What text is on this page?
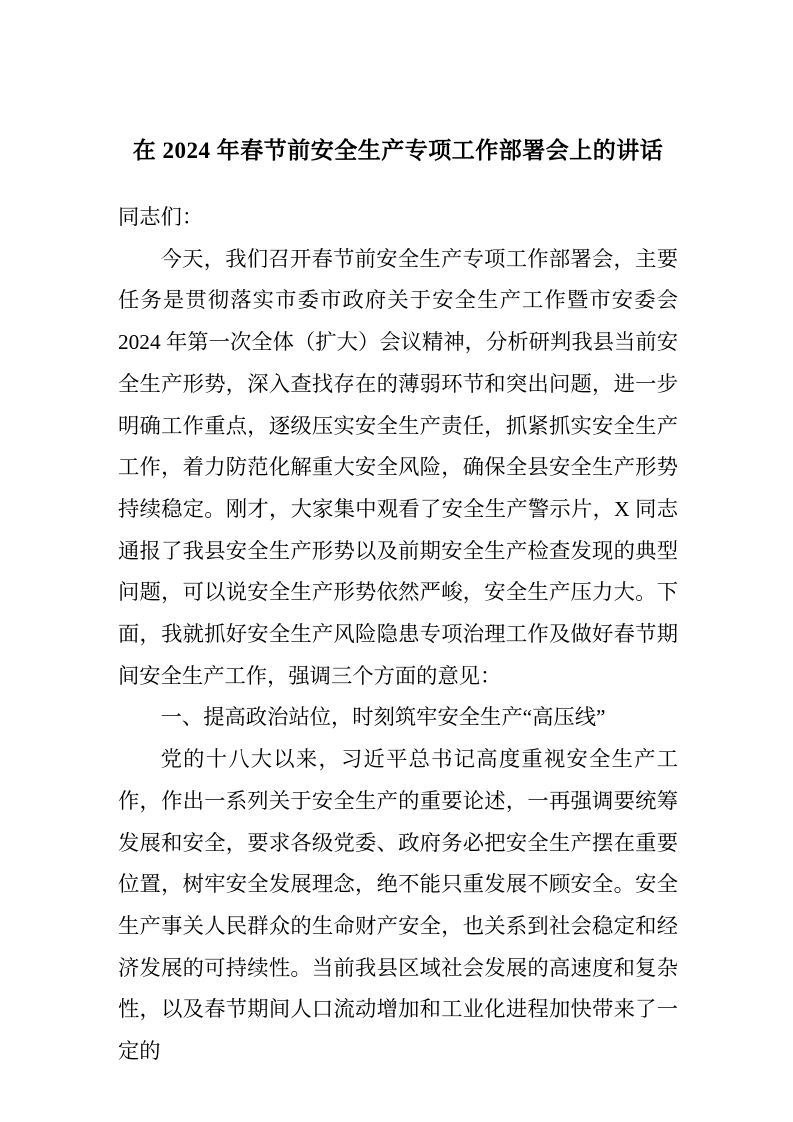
在 2024 年春节前安全生产专项工作部署会上的讲话

同志们：

今天，我们召开春节前安全生产专项工作部署会，主要任务是贯彻落实市委市政府关于安全生产工作暨市安委会 2024 年第一次全体（扩大）会议精神，分析研判我县当前安全生产形势，深入查找存在的薄弱环节和突出问题，进一步明确工作重点，逐级压实安全生产责任，抓紧抓实安全生产工作，着力防范化解重大安全风险，确保全县安全生产形势持续稳定。刚才，大家集中观看了安全生产警示片，X 同志通报了我县安全生产形势以及前期安全生产检查发现的典型问题，可以说安全生产形势依然严峻，安全生产压力大。下面，我就抓好安全生产风险隐患专项治理工作及做好春节期间安全生产工作，强调三个方面的意见：

一、提高政治站位，时刻筑牢安全生产“高压线”

党的十八大以来，习近平总书记高度重视安全生产工作，作出一系列关于安全生产的重要论述，一再强调要统筹发展和安全，要求各级党委、政府务必把安全生产摆在重要位置，树牢安全发展理念，绝不能只重发展不顾安全。安全生产事关人民群众的生命财产安全，也关系到社会稳定和经济发展的可持续性。当前我县区域社会发展的高速度和复杂性，以及春节期间人口流动增加和工业化进程加快带来了一定的
